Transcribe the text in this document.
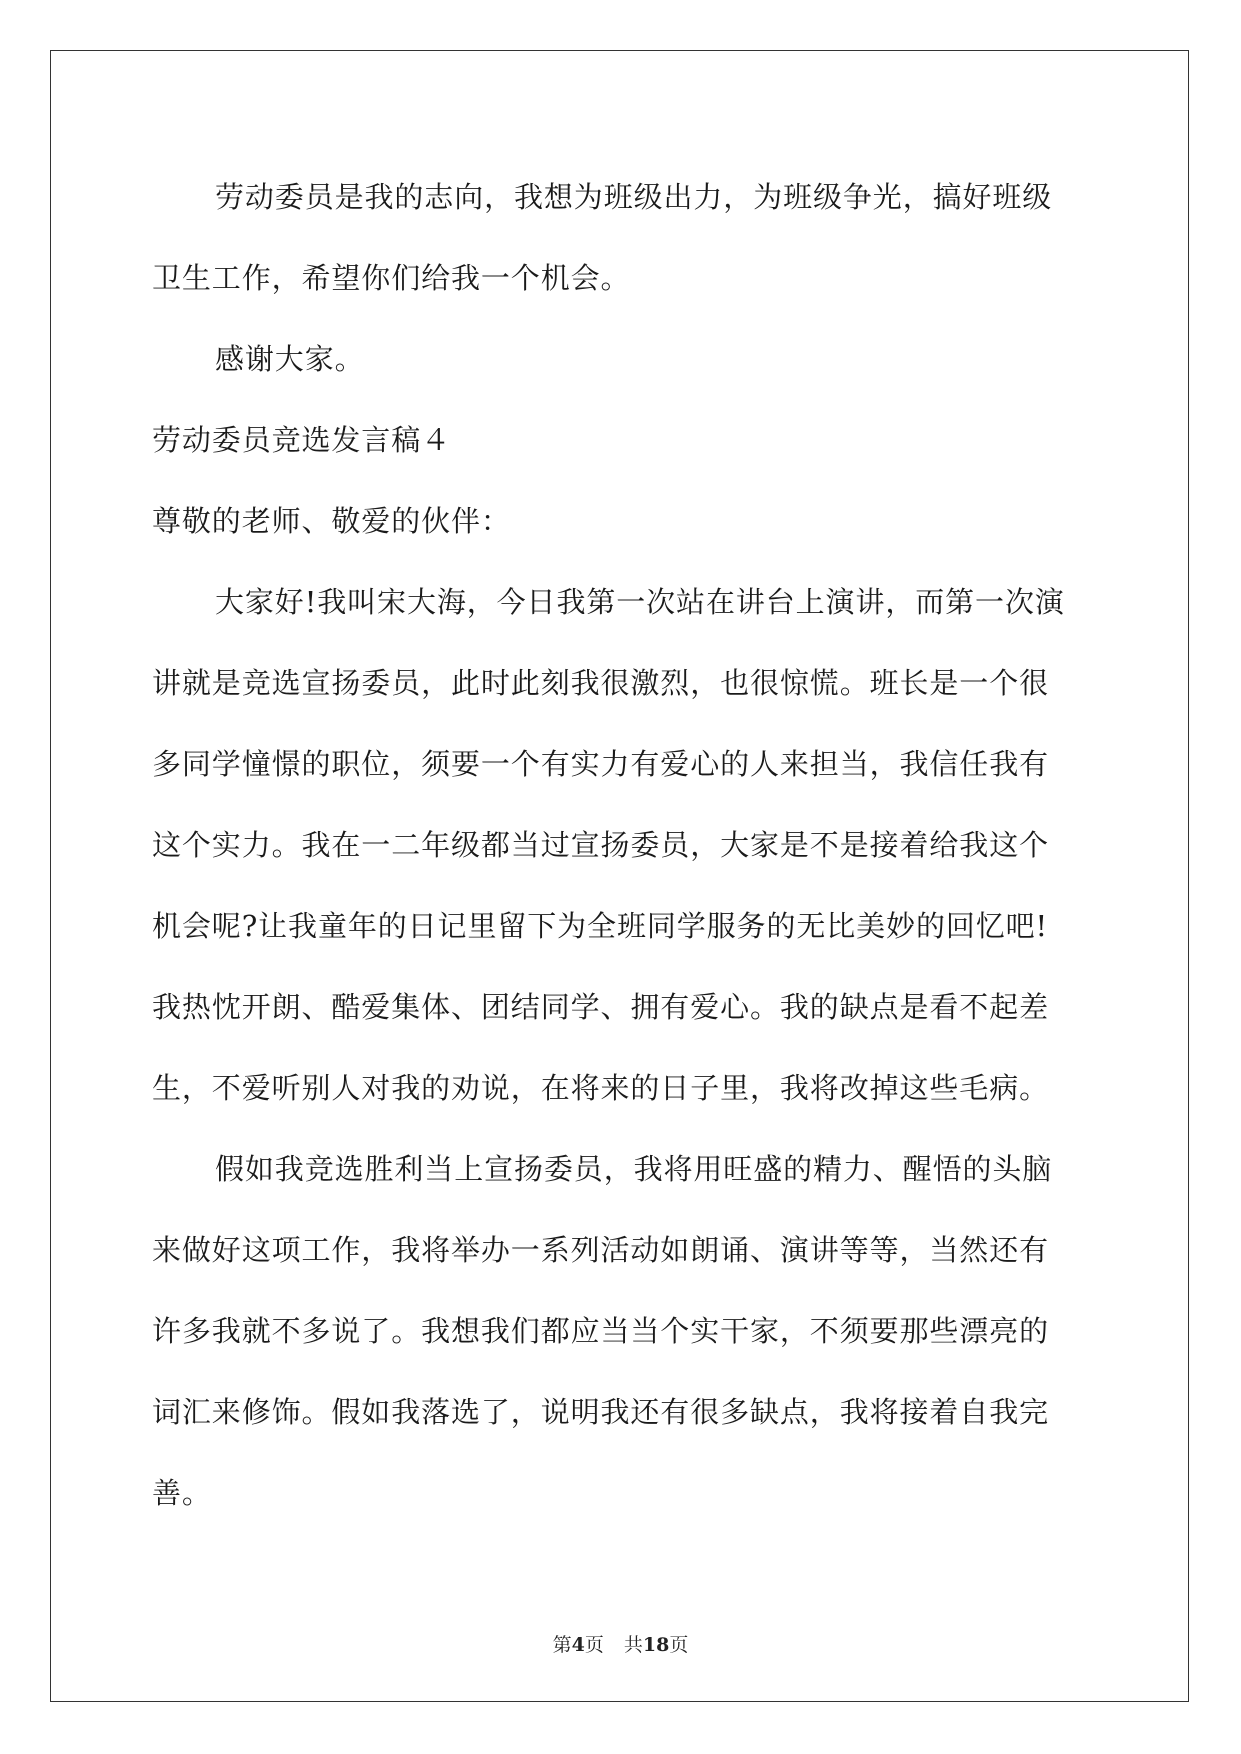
劳动委员是我的志向，我想为班级出力，为班级争光，搞好班级
卫生工作，希望你们给我一个机会。
感谢大家。
劳动委员竞选发言稿４
尊敬的老师、敬爱的伙伴：
大家好!我叫宋大海，今日我第一次站在讲台上演讲，而第一次演
讲就是竞选宣扬委员，此时此刻我很激烈，也很惊慌。班长是一个很
多同学憧憬的职位，须要一个有实力有爱心的人来担当，我信任我有
这个实力。我在一二年级都当过宣扬委员，大家是不是接着给我这个
机会呢?让我童年的日记里留下为全班同学服务的无比美妙的回忆吧!
我热忱开朗、酷爱集体、团结同学、拥有爱心。我的缺点是看不起差
生，不爱听别人对我的劝说，在将来的日子里，我将改掉这些毛病。
假如我竞选胜利当上宣扬委员，我将用旺盛的精力、醒悟的头脑
来做好这项工作，我将举办一系列活动如朗诵、演讲等等，当然还有
许多我就不多说了。我想我们都应当当个实干家，不须要那些漂亮的
词汇来修饰。假如我落选了，说明我还有很多缺点，我将接着自我完
善。
第4页 共18页
